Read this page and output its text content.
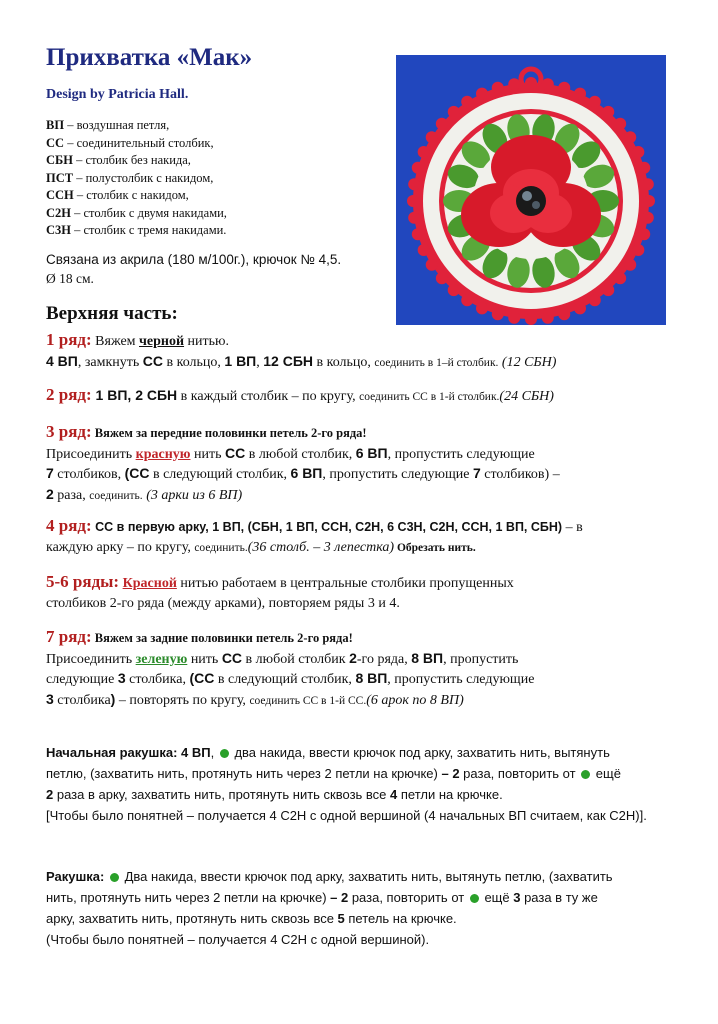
Прихватка «Мак»
Design by Patricia Hall.
ВП – воздушная петля,
СС – соединительный столбик,
СБН – столбик без накида,
ПСТ – полустолбик с накидом,
ССН – столбик с накидом,
С2Н – столбик с двумя накидами,
С3Н – столбик с тремя накидами.
Связана из акрила (180 м/100г.), крючок № 4,5.
Ø 18 см.
Верхняя часть:
1 ряд: Вяжем черной нитью.
4 ВП, замкнуть СС в кольцо, 1 ВП, 12 СБН в кольцо, соединить в 1–й столбик. (12 СБН)
2 ряд: 1 ВП, 2 СБН в каждый столбик – по кругу, соединить СС в 1-й столбик.(24 СБН)
3 ряд: Вяжем за передние половинки петель 2-го ряда!
Присоединить красную нить СС в любой столбик, 6 ВП, пропустить следующие
7 столбиков, (СС в следующий столбик, 6 ВП, пропустить следующие 7 столбиков) –
2 раза, соединить. (3 арки из 6 ВП)
4 ряд: СС в первую арку, 1 ВП, (СБН, 1 ВП, ССН, С2Н, 6 С3Н, С2Н, ССН, 1 ВП, СБН) – в
каждую арку – по кругу, соединить.(36 столб. – 3 лепестка) Обрезать нить.
5-6 ряды: Красной нитью работаем в центральные столбики пропущенных
столбиков 2-го ряда (между арками), повторяем ряды 3 и 4.
7 ряд: Вяжем за задние половинки петель 2-го ряда!
Присоединить зеленую нить СС в любой столбик 2-го ряда, 8 ВП, пропустить
следующие 3 столбика, (СС в следующий столбик, 8 ВП, пропустить следующие
3 столбика) – повторять по кругу, соединить СС в 1-й СС.(6 арок по 8 ВП)
Начальная ракушка: 4 ВП,  два накида, ввести крючок под арку, захватить нить, вытянуть
петлю, (захватить нить, протянуть нить через 2 петли на крючке) – 2 раза, повторить от  ещё
2 раза в арку, захватить нить, протянуть нить сквозь все 4 петли на крючке.
[Чтобы было понятней – получается 4 С2Н с одной вершиной (4 начальных ВП считаем, как С2Н)].
Ракушка:  Два накида, ввести крючок под арку, захватить нить, вытянуть петлю, (захватить
нить, протянуть нить через 2 петли на крючке) – 2 раза, повторить от  ещё 3 раза в ту же
арку, захватить нить, протянуть нить сквозь все 5 петель на крючке.
(Чтобы было понятней – получается 4 С2Н с одной вершиной).
